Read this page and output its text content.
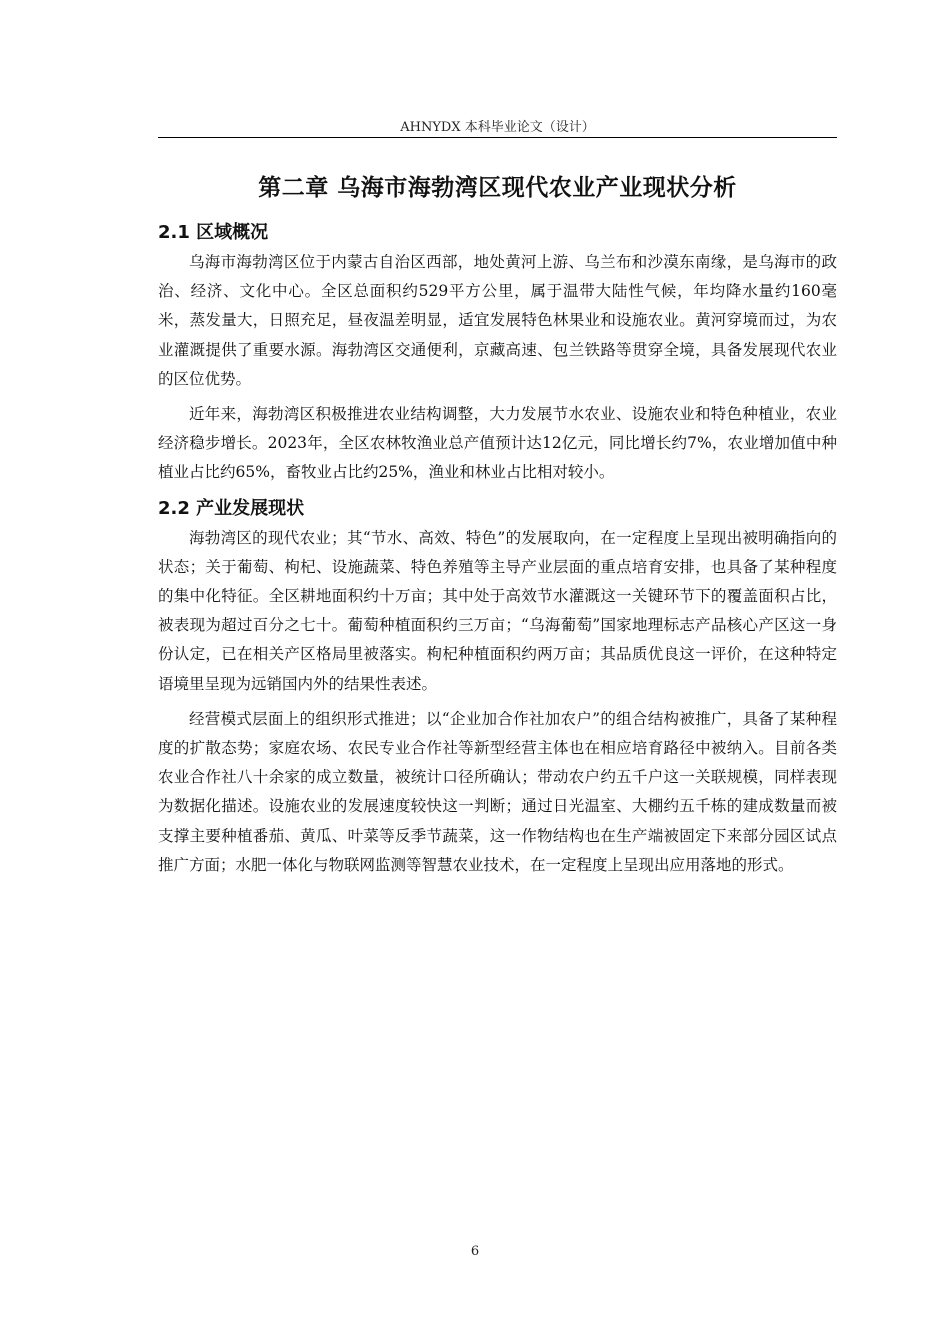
AHNYDX 本科毕业论文（设计）
第二章 乌海市海勃湾区现代农业产业现状分析
2.1 区域概况

乌海市海勃湾区位于内蒙古自治区西部，地处黄河上游、乌兰布和沙漠东南缘，是乌海市的政治、经济、文化中心。全区总面积约529平方公里，属于温带大陆性气候，年均降水量约160毫米，蒸发量大，日照充足，昼夜温差明显，适宜发展特色林果业和设施农业。黄河穿境而过，为农业灌溉提供了重要水源。海勃湾区交通便利，京藏高速、包兰铁路等贯穿全境，具备发展现代农业的区位优势。

近年来，海勃湾区积极推进农业结构调整，大力发展节水农业、设施农业和特色种植业，农业经济稳步增长。2023年，全区农林牧渔业总产值预计达12亿元，同比增长约7%，农业增加值中种植业占比约65%，畜牧业占比约25%，渔业和林业占比相对较小。

2.2 产业发展现状

海勃湾区的现代农业；其“节水、高效、特色”的发展取向，在一定程度上呈现出被明确指向的状态；关于葡萄、枸杞、设施蔬菜、特色养殖等主导产业层面的重点培育安排，也具备了某种程度的集中化特征。全区耕地面积约十万亩；其中处于高效节水灌溉这一关键环节下的覆盖面积占比，被表现为超过百分之七十。葡萄种植面积约三万亩；“乌海葡萄”国家地理标志产品核心产区这一身份认定，已在相关产区格局里被落实。枸杞种植面积约两万亩；其品质优良这一评价，在这种特定语境里呈现为远销国内外的结果性表述。

经营模式层面上的组织形式推进；以“企业加合作社加农户”的组合结构被推广，具备了某种程度的扩散态势；家庭农场、农民专业合作社等新型经营主体也在相应培育路径中被纳入。目前各类农业合作社八十余家的成立数量，被统计口径所确认；带动农户约五千户这一关联规模，同样表现为数据化描述。设施农业的发展速度较快这一判断；通过日光温室、大棚约五千栋的建成数量而被支撑主要种植番茄、黄瓜、叶菜等反季节蔬菜，这一作物结构也在生产端被固定下来部分园区试点推广方面；水肥一体化与物联网监测等智慧农业技术，在一定程度上呈现出应用落地的形式。

6
